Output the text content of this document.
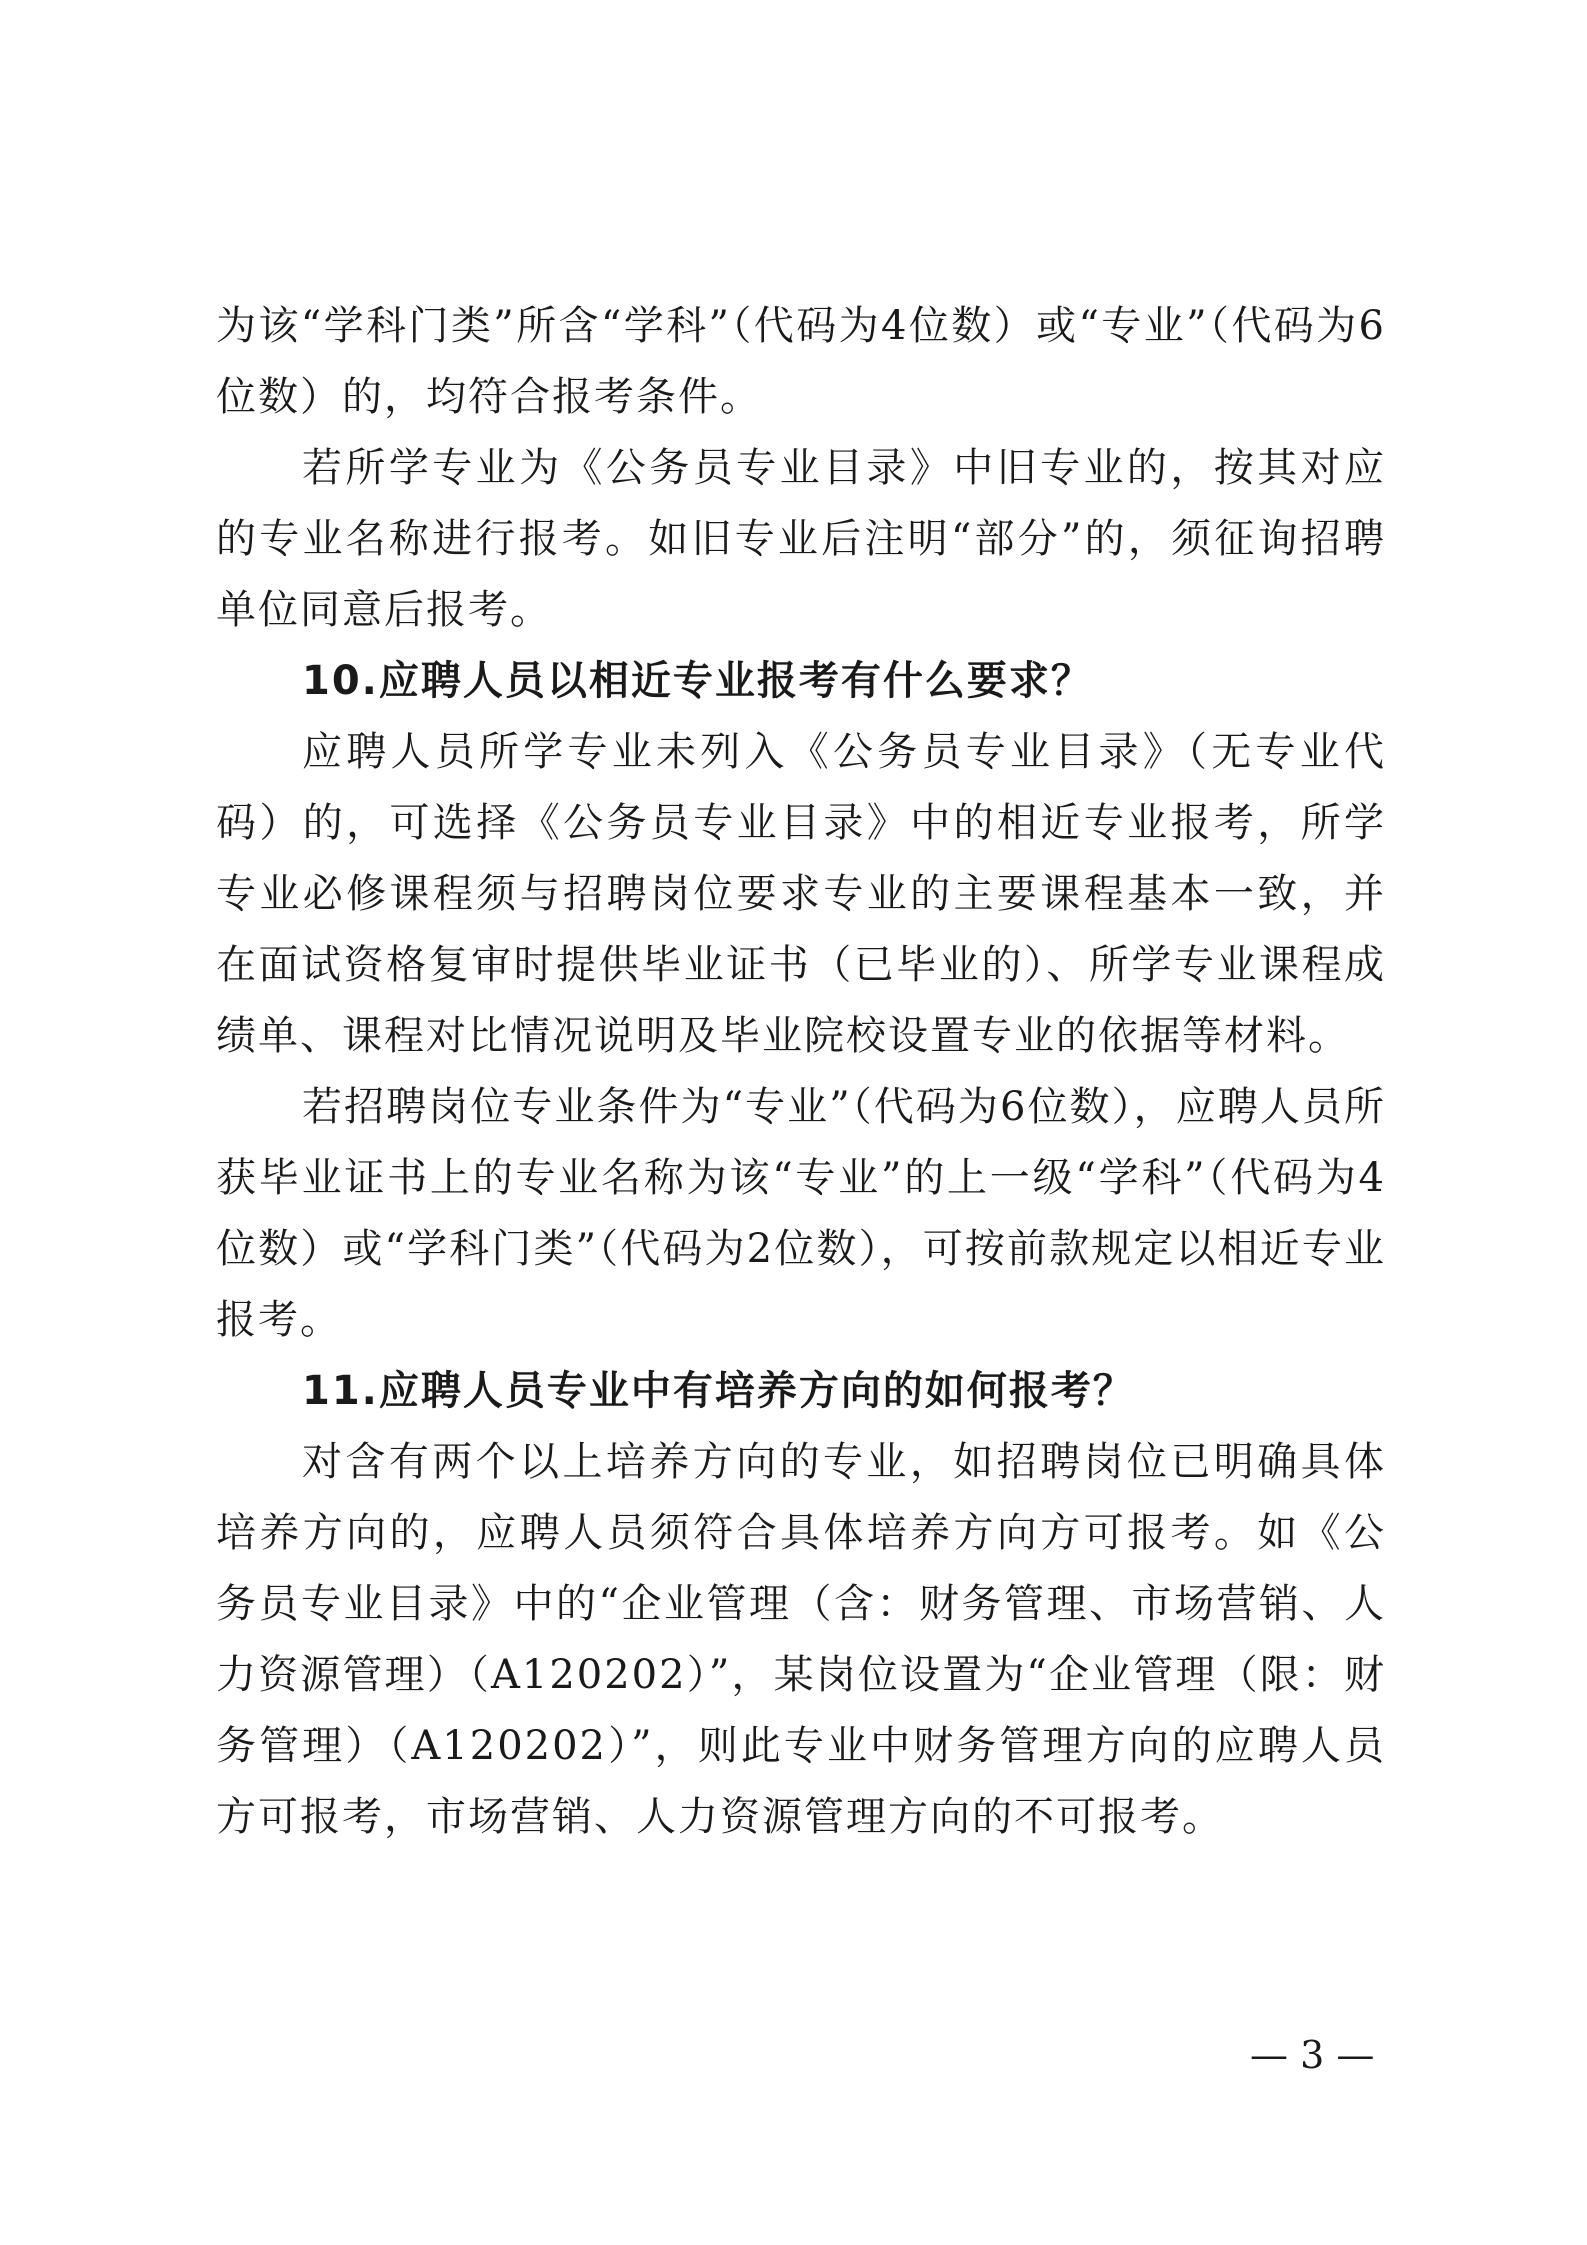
为该“学科门类”所含“学科”（代码为4位数）或“专业”（代码为6位数）的，均符合报考条件。

若所学专业为《公务员专业目录》中旧专业的，按其对应的专业名称进行报考。如旧专业后注明“部分”的，须征询招聘单位同意后报考。

10.应聘人员以相近专业报考有什么要求？

应聘人员所学专业未列入《公务员专业目录》（无专业代码）的，可选择《公务员专业目录》中的相近专业报考，所学专业必修课程须与招聘岗位要求专业的主要课程基本一致，并在面试资格复审时提供毕业证书（已毕业的）、所学专业课程成绩单、课程对比情况说明及毕业院校设置专业的依据等材料。

若招聘岗位专业条件为“专业”（代码为6位数），应聘人员所获毕业证书上的专业名称为该“专业”的上一级“学科”（代码为4位数）或“学科门类”（代码为2位数），可按前款规定以相近专业报考。

11.应聘人员专业中有培养方向的如何报考？

对含有两个以上培养方向的专业，如招聘岗位已明确具体培养方向的，应聘人员须符合具体培养方向方可报考。如《公务员专业目录》中的“企业管理（含：财务管理、市场营销、人力资源管理）（A120202）”，某岗位设置为“企业管理（限：财务管理）（A120202）”，则此专业中财务管理方向的应聘人员方可报考，市场营销、人力资源管理方向的不可报考。

— 3 —
